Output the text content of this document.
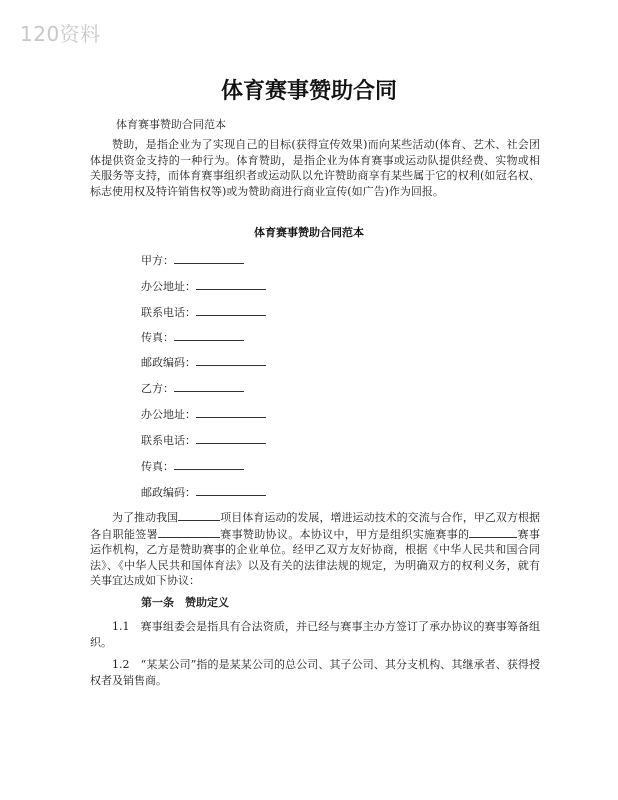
120资料
体育赛事赞助合同
体育赛事赞助合同范本
赞助，是指企业为了实现自己的目标(获得宣传效果)而向某些活动(体育、艺术、社会团体提供资金支持的一种行为。体育赞助，是指企业为体育赛事或运动队提供经费、实物或相关服务等支持，而体育赛事组织者或运动队以允许赞助商享有某些属于它的权利(如冠名权、标志使用权及特许销售权等)或为赞助商进行商业宣传(如广告)作为回报。
体育赛事赞助合同范本
甲方：
办公地址：
联系电话：
传真：
邮政编码：
乙方：
办公地址：
联系电话：
传真：
邮政编码：
为了推动我国	项目体育运动的发展，增进运动技术的交流与合作，甲乙双方根据各自职能签署	赛事赞助协议。本协议中，甲方是组织实施赛事的	赛事运作机构，乙方是赞助赛事的企业单位。经甲乙双方友好协商，根据《中华人民共和国合同法》、《中华人民共和国体育法》以及有关的法律法规的规定，为明确双方的权利义务，就有关事宜达成如下协议：
第一条　赞助定义
1.1　赛事组委会是指具有合法资质，并已经与赛事主办方签订了承办协议的赛事筹备组织。
1.2　“某某公司”指的是某某公司的总公司、其子公司、其分支机构、其继承者、获得授权者及销售商。
